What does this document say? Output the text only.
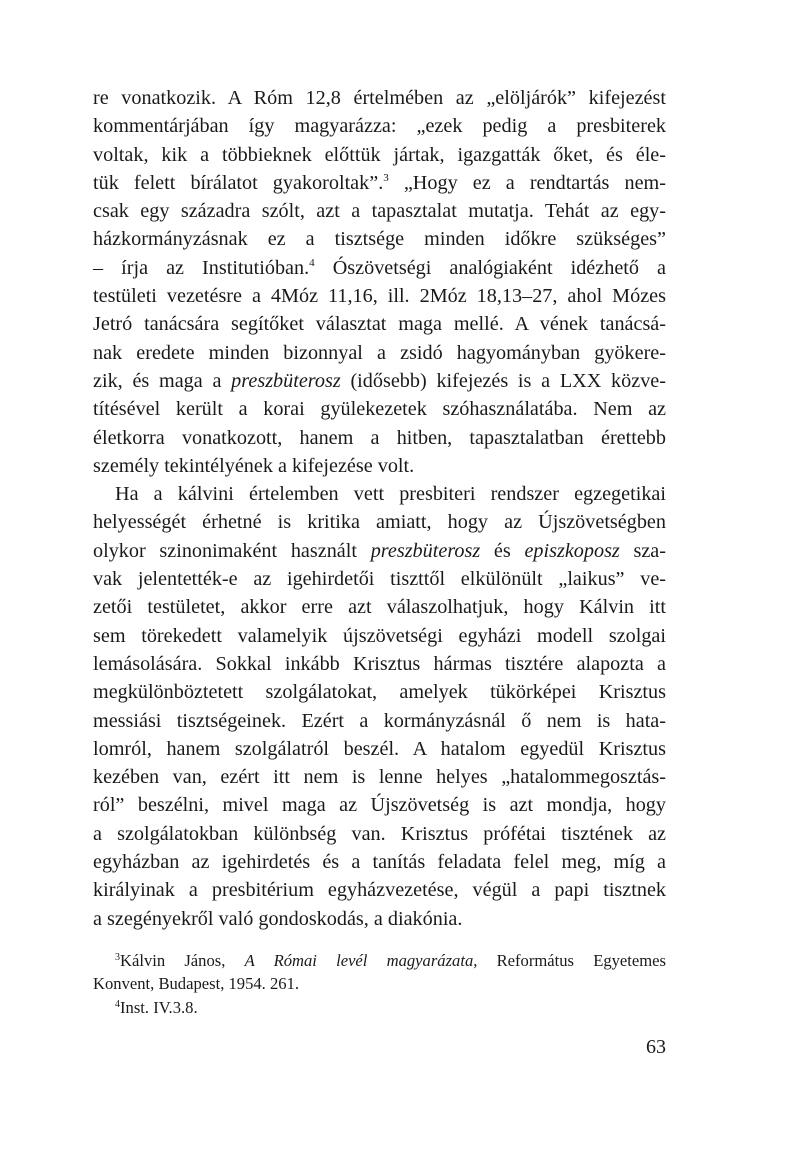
re vonatkozik. A Róm 12,8 értelmében az „elöljárók” kifejezést
kommentárjában így magyarázza: „ezek pedig a presbiterek
voltak, kik a többieknek előttük jártak, igazgatták őket, és éle-
tük felett bírálatot gyakoroltak”.$^3$ „Hogy ez a rendtartás nem-
csak egy századra szólt, azt a tapasztalat mutatja. Tehát az egy-
házkormányzásnak ez a tisztsége minden időkre szükséges”
– írja az Institutióban.$^4$ Ószövetségi analógiaként idézhető a
testületi vezetésre a 4Móz 11,16, ill. 2Móz 18,13–27, ahol Mózes
Jetró tanácsára segítőket választat maga mellé. A vének tanácsá-
nak eredete minden bizonnyal a zsidó hagyományban gyökere-
zik, és maga a preszbüterosz (idősebb) kifejezés is a LXX közve-
títésével került a korai gyülekezetek szóhasználatába. Nem az
életkorra vonatkozott, hanem a hitben, tapasztalatban érettebb
személy tekintélyének a kifejezése volt.
Ha a kálvini értelemben vett presbiteri rendszer egzegetikai
helyességét érhetné is kritika amiatt, hogy az Újszövetségben
olykor szinonimaként használt preszbüterosz és episzkoposz sza-
vak jelentették-e az igehirdetői tiszttől elkülönült „laikus” ve-
zetői testületet, akkor erre azt válaszolhatjuk, hogy Kálvin itt
sem törekedett valamelyik újszövetségi egyházi modell szolgai
lemásolására. Sokkal inkább Krisztus hármas tisztére alapozta a
megkülönböztetett szolgálatokat, amelyek tükörképei Krisztus
messiási tisztségeinek. Ezért a kormányzásnál ő nem is hata-
lomról, hanem szolgálatról beszél. A hatalom egyedül Krisztus
kezében van, ezért itt nem is lenne helyes „hatalommegosztás-
ról” beszélni, mivel maga az Újszövetség is azt mondja, hogy
a szolgálatokban különbség van. Krisztus prófétai tisztének az
egyházban az igehirdetés és a tanítás feladata felel meg, míg a
királyinak a presbitérium egyházvezetése, végül a papi tisztnek
a szegényekről való gondoskodás, a diakónia.
$^3$Kálvin János, A Római levél magyarázata, Református Egyetemes
Konvent, Budapest, 1954. 261.
$^4$Inst. IV.3.8.
63
